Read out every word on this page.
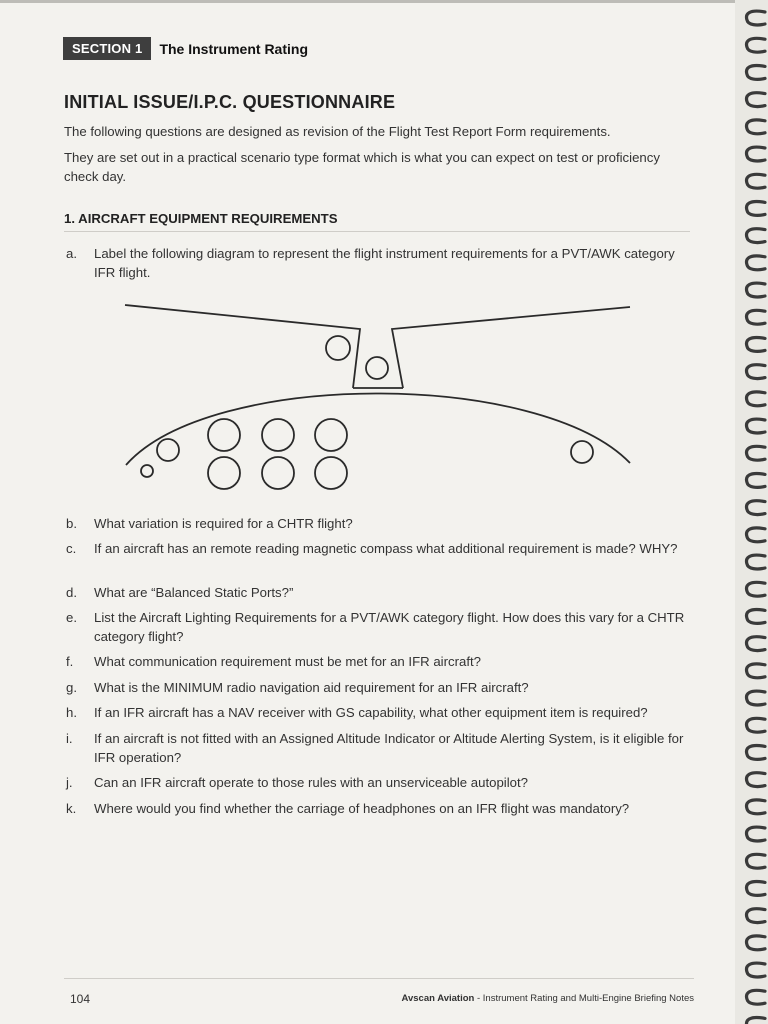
SECTION 1	The Instrument Rating
INITIAL ISSUE/I.P.C. QUESTIONNAIRE

The following questions are designed as revision of the Flight Test Report Form requirements.

They are set out in a practical scenario type format which is what you can expect on test or proficiency check day.

1. AIRCRAFT EQUIPMENT REQUIREMENTS
a.	Label the following diagram to represent the flight instrument requirements for a PVT/AWK category IFR flight.
b.	What variation is required for a CHTR flight?
c.	If an aircraft has an remote reading magnetic compass what additional requirement is made? WHY?
d.	What are “Balanced Static Ports?”
e.	List the Aircraft Lighting Requirements for a PVT/AWK category flight. How does this vary for a CHTR category flight?
f.	What communication requirement must be met for an IFR aircraft?
g.	What is the MINIMUM radio navigation aid requirement for an IFR aircraft?
h.	If an IFR aircraft has a NAV receiver with GS capability, what other equipment item is required?
i.	If an aircraft is not fitted with an Assigned Altitude Indicator or Altitude Alerting System, is it eligible for IFR operation?
j.	Can an IFR aircraft operate to those rules with an unserviceable autopilot?
k.	Where would you find whether the carriage of headphones on an IFR flight was mandatory?
104	Avscan Aviation - Instrument Rating and Multi-Engine Briefing Notes
